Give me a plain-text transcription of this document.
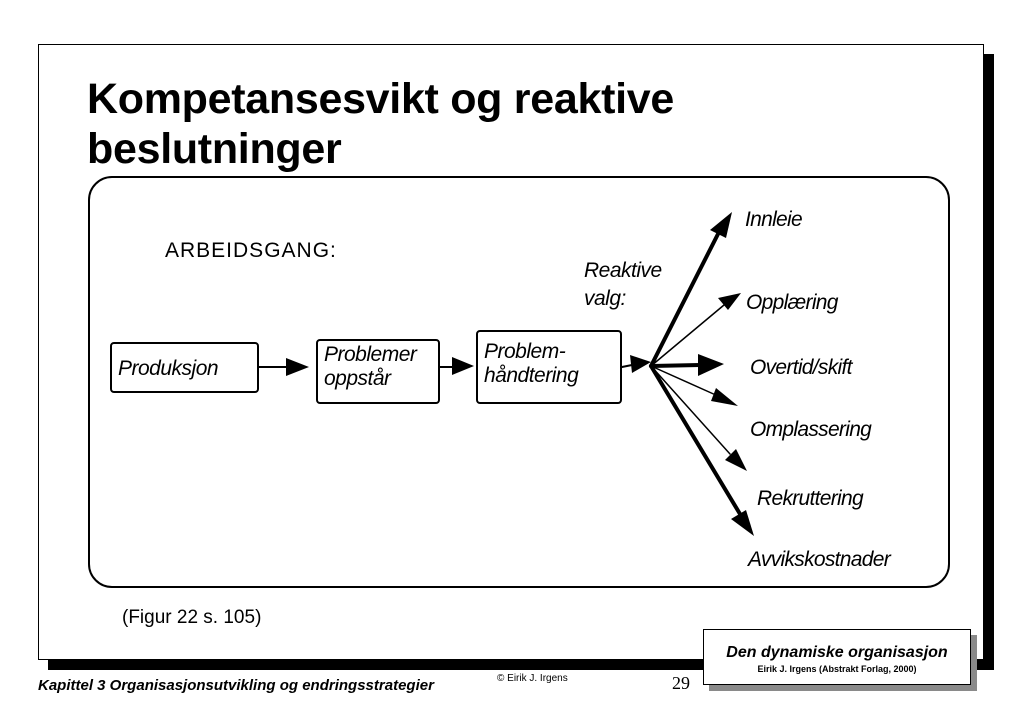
Kompetansesvikt og reaktive
beslutninger
ARBEIDSGANG:
Produksjon
Problemer
oppstår
Problem-
håndtering
Reaktive
valg:
Innleie
Opplæring
Overtid/skift
Omplassering
Rekruttering
Avvikskostnader
(Figur 22 s. 105)
Kapittel 3 Organisasjonsutvikling og endringsstrategier	© Eirik J. Irgens	29
Den dynamiske organisasjon
Eirik J. Irgens (Abstrakt Forlag, 2000)
